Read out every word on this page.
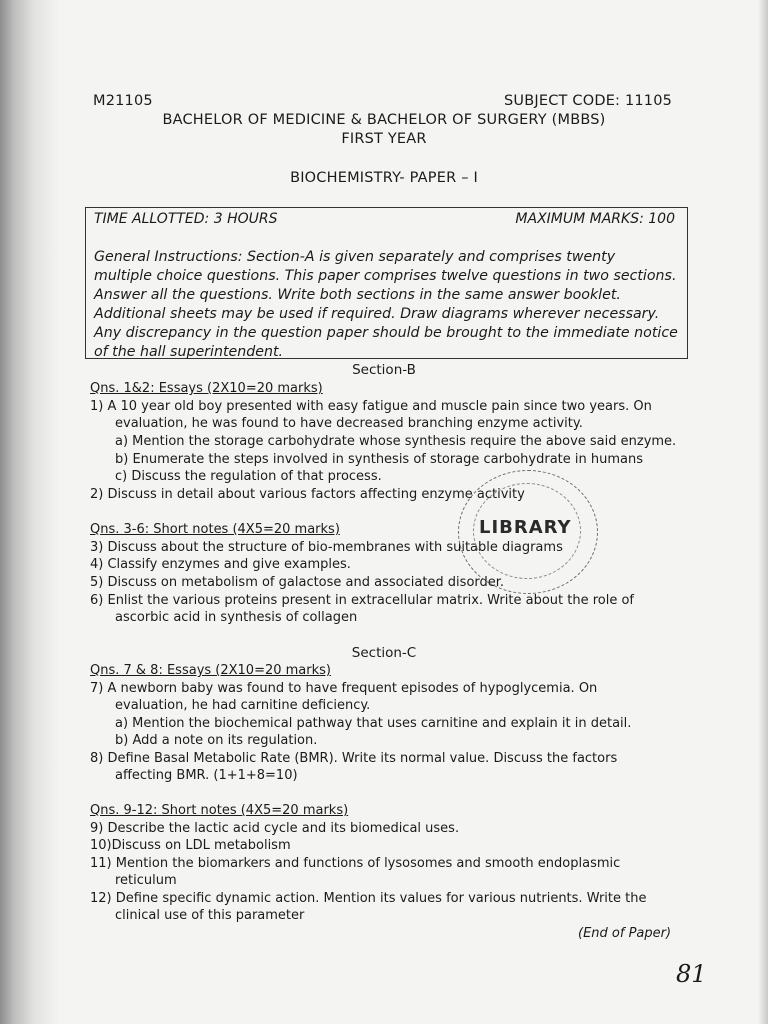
M21105	SUBJECT CODE: 11105
BACHELOR OF MEDICINE & BACHELOR OF SURGERY (MBBS)
FIRST YEAR
BIOCHEMISTRY- PAPER – I
TIME ALLOTTED: 3 HOURS	MAXIMUM MARKS: 100
General Instructions: Section-A is given separately and comprises twenty
multiple choice questions. This paper comprises twelve questions in two sections.
Answer all the questions. Write both sections in the same answer booklet.
Additional sheets may be used if required. Draw diagrams wherever necessary.
Any discrepancy in the question paper should be brought to the immediate notice
of the hall superintendent.
Section-B
Qns. 1&2: Essays (2X10=20 marks)
1) A 10 year old boy presented with easy fatigue and muscle pain since two years. On
evaluation, he was found to have decreased branching enzyme activity.
a) Mention the storage carbohydrate whose synthesis require the above said enzyme.
b) Enumerate the steps involved in synthesis of storage carbohydrate in humans
c) Discuss the regulation of that process.
2) Discuss in detail about various factors affecting enzyme activity
Qns. 3-6: Short notes (4X5=20 marks)
3) Discuss about the structure of bio-membranes with suitable diagrams
4) Classify enzymes and give examples.
5) Discuss on metabolism of galactose and associated disorder.
6) Enlist the various proteins present in extracellular matrix. Write about the role of
ascorbic acid in synthesis of collagen
LIBRARY
Section-C
Qns. 7 & 8: Essays (2X10=20 marks)
7) A newborn baby was found to have frequent episodes of hypoglycemia. On
evaluation, he had carnitine deficiency.
a) Mention the biochemical pathway that uses carnitine and explain it in detail.
b) Add a note on its regulation.
8) Define Basal Metabolic Rate (BMR). Write its normal value. Discuss the factors
affecting BMR. (1+1+8=10)
Qns. 9-12: Short notes (4X5=20 marks)
9) Describe the lactic acid cycle and its biomedical uses.
10)Discuss on LDL metabolism
11) Mention the biomarkers and functions of lysosomes and smooth endoplasmic
reticulum
12) Define specific dynamic action. Mention its values for various nutrients. Write the
clinical use of this parameter
(End of Paper)
81
